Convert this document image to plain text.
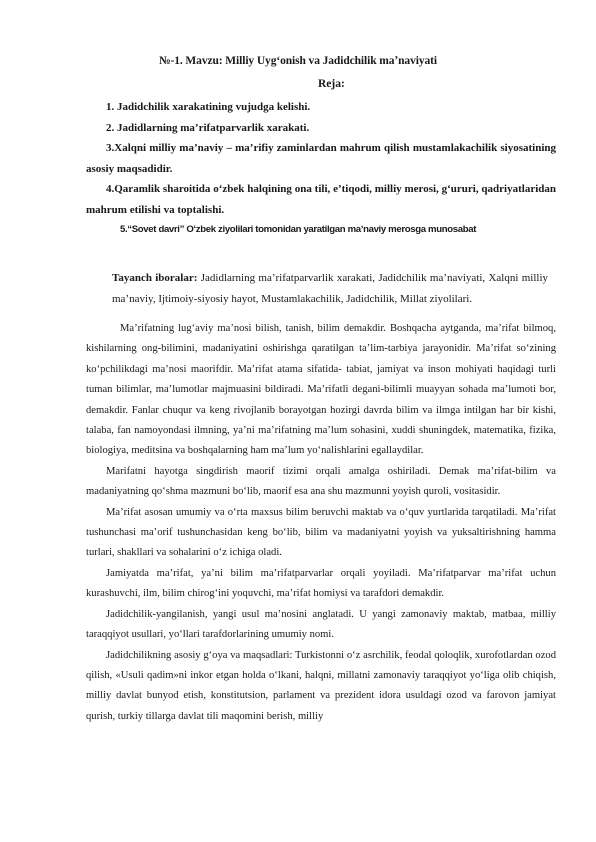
№-1. Mavzu: Milliy Uygʻonish va Jadidchilik maʼnaviyati
Reja:

1. Jadidchilik xarakatining vujudga kelishi.

2. Jadidlarning maʼrifatparvarlik xarakati.

3.Xalqni milliy maʼnaviy – maʼrifiy zaminlardan mahrum qilish mustamlakachilik siyosatining asosiy maqsadidir.

4.Qaramlik sharoitida oʻzbek halqining ona tili, eʼtiqodi, milliy merosi, gʻururi, qadriyatlaridan mahrum etilishi va toptalishi.

5.“Sovet davri” Oʻzbek ziyolilari tomonidan yaratilgan maʼnaviy merosga munosabat

Tayanch iboralar: Jadidlarning maʼrifatparvarlik xarakati, Jadidchilik maʼnaviyati, Xalqni milliy maʼnaviy, Ijtimoiy-siyosiy hayot, Mustamlakachilik, Jadidchilik, Millat ziyolilari.

Maʼrifatning lugʻaviy maʼnosi bilish, tanish, bilim demakdir. Boshqacha aytganda, maʼrifat bilmoq, kishilarning ong-bilimini, madaniyatini oshirishga qaratilgan taʼlim-tarbiya jarayonidir. Maʼrifat soʻzining koʻpchilikdagi maʼnosi maorifdir. Maʼrifat atama sifatida- tabiat, jamiyat va inson mohiyati haqidagi turli tuman bilimlar, maʼlumotlar majmuasini bildiradi. Maʼrifatli degani-bilimli muayyan sohada maʼlumoti bor, demakdir. Fanlar chuqur va keng rivojlanib borayotgan hozirgi davrda bilim va ilmga intilgan har bir kishi, talaba, fan namoyondasi ilmning, yaʼni maʼrifatning maʼlum sohasini, xuddi shuningdek, matematika, fizika, biologiya, meditsina va boshqalarning ham maʼlum yoʻnalishlarini egallaydilar.

Marifatni hayotga singdirish maorif tizimi orqali amalga oshiriladi. Demak maʼrifat-bilim va madaniyatning qoʻshma mazmuni boʻlib, maorif esa ana shu mazmunni yoyish quroli, vositasidir.

Maʼrifat asosan umumiy va oʻrta maxsus bilim beruvchi maktab va oʻquv yurtlarida tarqatiladi. Maʼrifat tushunchasi maʼorif tushunchasidan keng boʻlib, bilim va madaniyatni yoyish va yuksaltirishning hamma turlari, shakllari va sohalarini oʻz ichiga oladi.

Jamiyatda maʼrifat, yaʼni bilim maʼrifatparvarlar orqali yoyiladi. Maʼrifatparvar maʼrifat uchun kurashuvchi, ilm, bilim chirogʻini yoquvchi, maʼrifat homiysi va tarafdori demakdir.

Jadidchilik-yangilanish, yangi usul maʼnosini anglatadi. U yangi zamonaviy maktab, matbaa, milliy taraqqiyot usullari, yoʻllari tarafdorlarining umumiy nomi.

Jadidchilikning asosiy gʻoya va maqsadlari: Turkistonni oʻz asrchilik, feodal qoloqlik, xurofotlardan ozod qilish, «Usuli qadim»ni inkor etgan holda oʻlkani, halqni, millatni zamonaviy taraqqiyot yoʻliga olib chiqish, milliy davlat bunyod etish, konstitutsion, parlament va prezident idora usuldagi ozod va farovon jamiyat qurish, turkiy tillarga davlat tili maqomini berish, milliy
